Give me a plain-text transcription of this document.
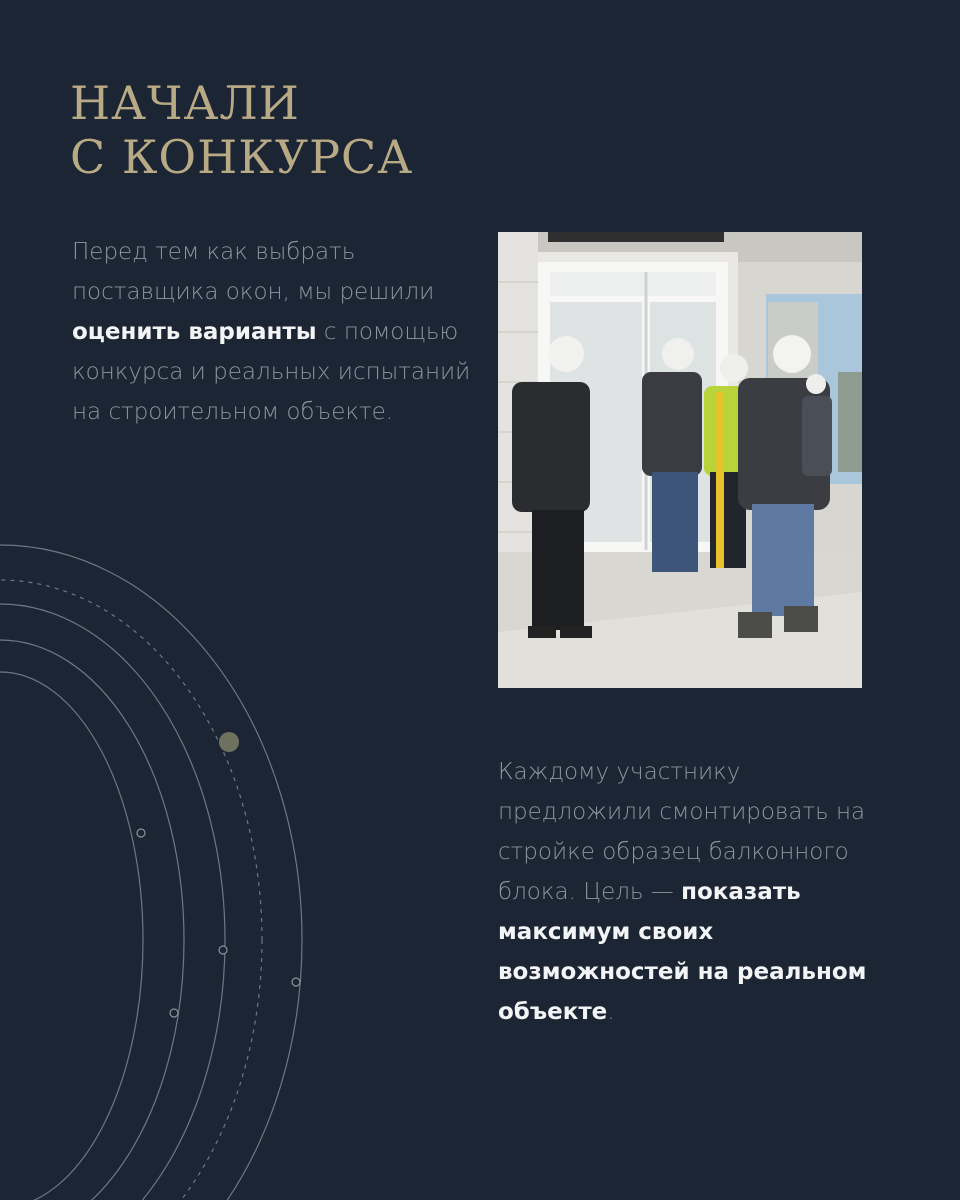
НАЧАЛИ
С КОНКУРСА

Перед тем как выбрать поставщика окон, мы решили оценить варианты с помощью конкурса и реальных испытаний на строительном объекте.

Каждому участнику предложили смонтировать на стройке образец балконного блока. Цель — показать максимум своих возможностей на реальном объекте.
